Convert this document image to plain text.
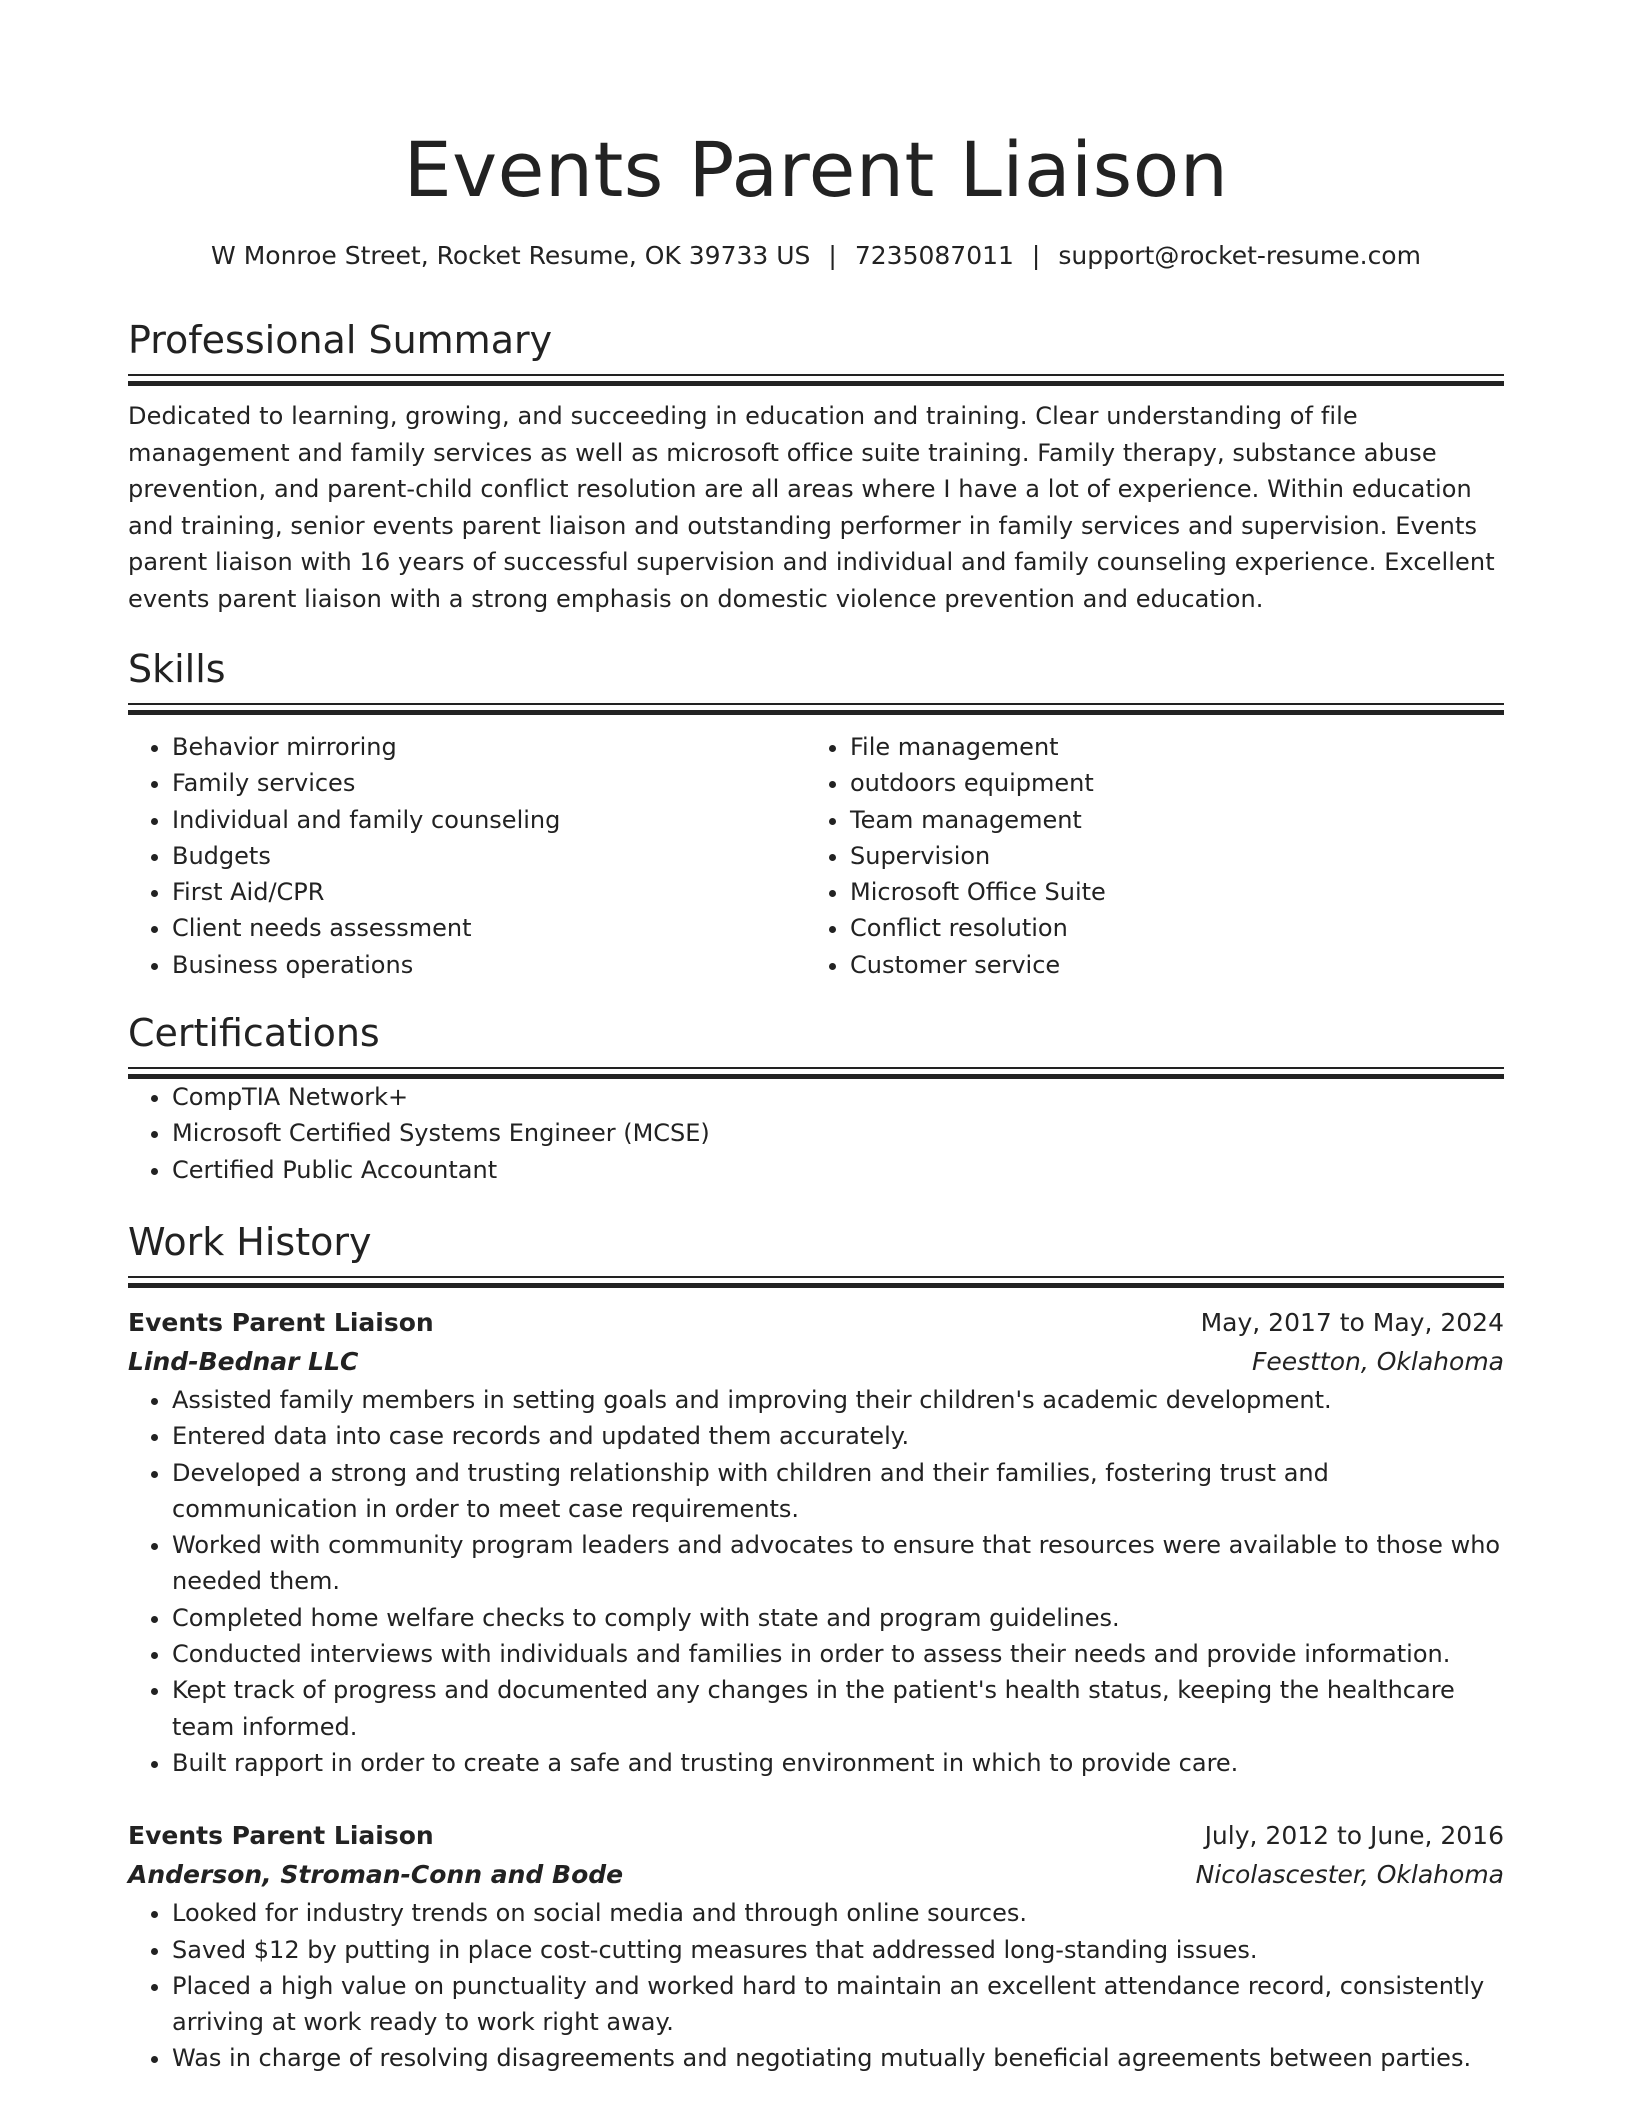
Events Parent Liaison
W Monroe Street, Rocket Resume, OK 39733 US | 7235087011 | support@rocket-resume.com
Professional Summary

Dedicated to learning, growing, and succeeding in education and training. Clear understanding of file management and family services as well as microsoft office suite training. Family therapy, substance abuse prevention, and parent-child conflict resolution are all areas where I have a lot of experience. Within education and training, senior events parent liaison and outstanding performer in family services and supervision. Events parent liaison with 16 years of successful supervision and individual and family counseling experience. Excellent events parent liaison with a strong emphasis on domestic violence prevention and education.

Skills
• Behavior mirroring
• Family services
• Individual and family counseling
• Budgets
• First Aid/CPR
• Client needs assessment
• Business operations
• File management
• outdoors equipment
• Team management
• Supervision
• Microsoft Office Suite
• Conflict resolution
• Customer service
Certifications
• CompTIA Network+
• Microsoft Certified Systems Engineer (MCSE)
• Certified Public Accountant
Work History
Events Parent Liaison	May, 2017 to May, 2024
Lind-Bednar LLC	Feestton, Oklahoma
• Assisted family members in setting goals and improving their children's academic development.
• Entered data into case records and updated them accurately.
• Developed a strong and trusting relationship with children and their families, fostering trust and communication in order to meet case requirements.
• Worked with community program leaders and advocates to ensure that resources were available to those who needed them.
• Completed home welfare checks to comply with state and program guidelines.
• Conducted interviews with individuals and families in order to assess their needs and provide information.
• Kept track of progress and documented any changes in the patient's health status, keeping the healthcare team informed.
• Built rapport in order to create a safe and trusting environment in which to provide care.
Events Parent Liaison	July, 2012 to June, 2016
Anderson, Stroman-Conn and Bode	Nicolascester, Oklahoma
• Looked for industry trends on social media and through online sources.
• Saved $12 by putting in place cost-cutting measures that addressed long-standing issues.
• Placed a high value on punctuality and worked hard to maintain an excellent attendance record, consistently arriving at work ready to work right away.
• Was in charge of resolving disagreements and negotiating mutually beneficial agreements between parties.
